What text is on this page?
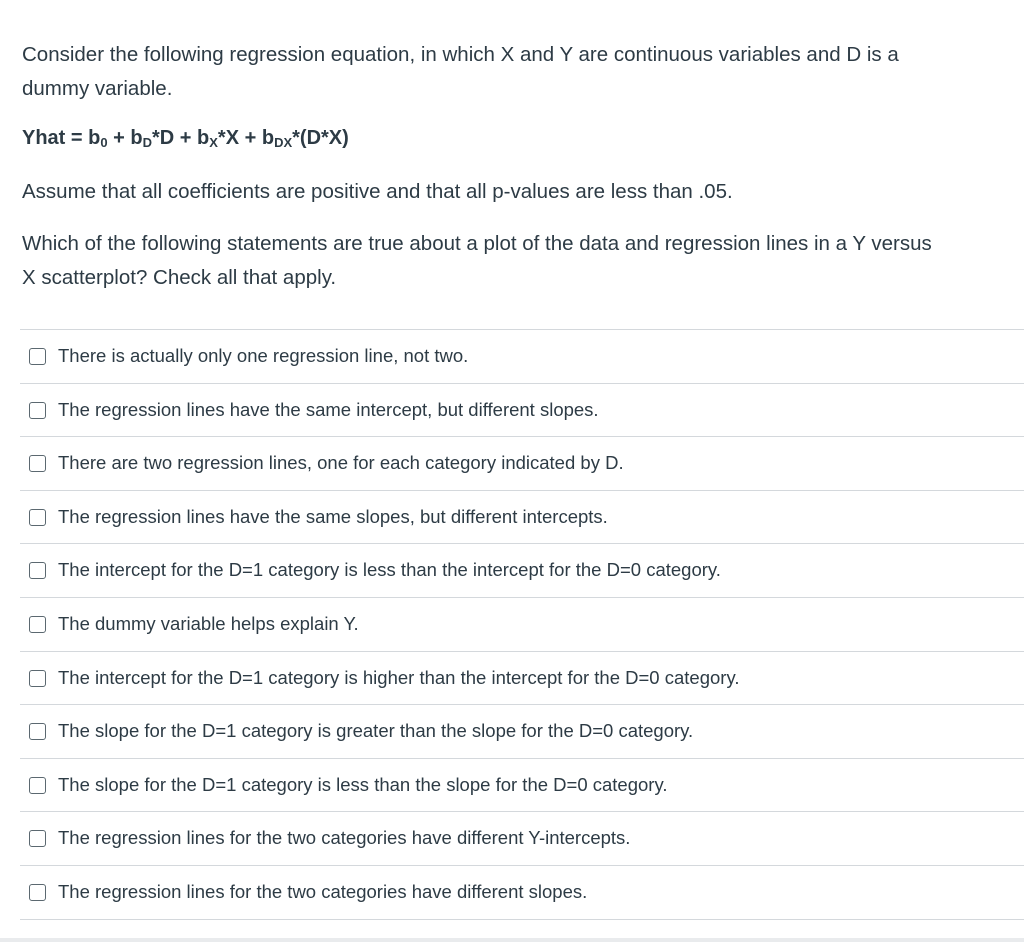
Consider the following regression equation, in which X and Y are continuous variables and D is a
dummy variable.
Yhat = $b_0 + b_D*D + b_X*X + b_{DX}*(D*X)$
Assume that all coefficients are positive and that all p-values are less than .05.
Which of the following statements are true about a plot of the data and regression lines in a Y versus
X scatterplot? Check all that apply.
There is actually only one regression line, not two.
The regression lines have the same intercept, but different slopes.
There are two regression lines, one for each category indicated by D.
The regression lines have the same slopes, but different intercepts.
The intercept for the D=1 category is less than the intercept for the D=0 category.
The dummy variable helps explain Y.
The intercept for the D=1 category is higher than the intercept for the D=0 category.
The slope for the D=1 category is greater than the slope for the D=0 category.
The slope for the D=1 category is less than the slope for the D=0 category.
The regression lines for the two categories have different Y-intercepts.
The regression lines for the two categories have different slopes.
